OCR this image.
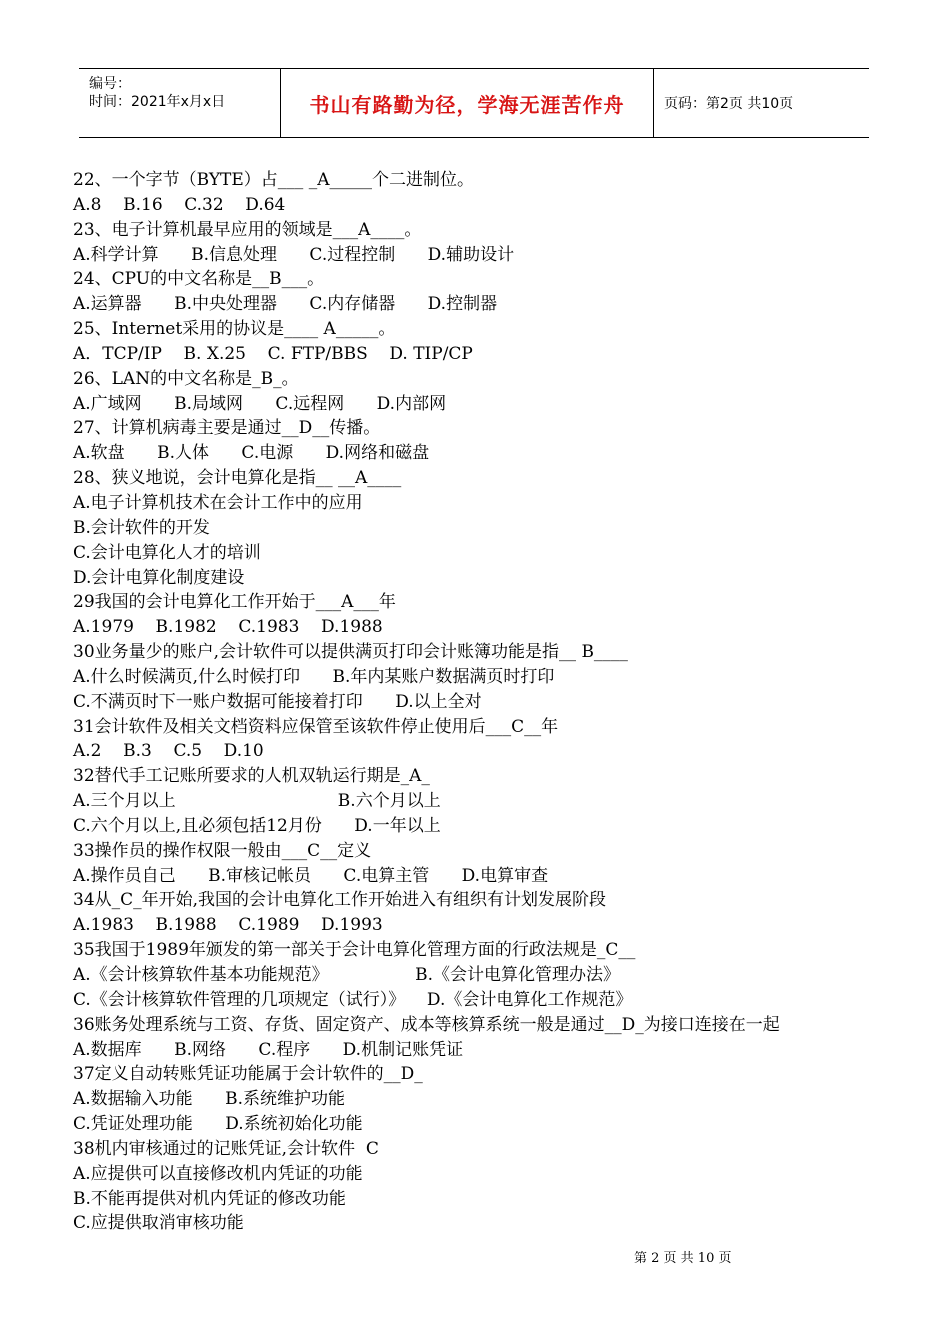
编号：
时间：2021年x月x日	书山有路勤为径，学海无涯苦作舟	页码：第2页 共10页
22、一个字节（BYTE）占___ _A_____个二进制位。
A.8    B.16    C.32    D.64
23、电子计算机最早应用的领域是___A____。
A.科学计算      B.信息处理      C.过程控制      D.辅助设计
24、CPU的中文名称是__B___。
A.运算器      B.中央处理器      C.内存储器      D.控制器
25、Internet采用的协议是____ A_____。
A．TCP/IP    B. X.25    C. FTP/BBS    D. TIP/CP
26、LAN的中文名称是_B_。
A.广域网      B.局域网      C.远程网      D.内部网
27、计算机病毒主要是通过__D__传播。
A.软盘      B.人体      C.电源      D.网络和磁盘
28、狭义地说，会计电算化是指__ __A____
A.电子计算机技术在会计工作中的应用
B.会计软件的开发
C.会计电算化人才的培训
D.会计电算化制度建设
29我国的会计电算化工作开始于___A___年
A.1979    B.1982    C.1983    D.1988
30业务量少的账户,会计软件可以提供满页打印会计账簿功能是指__ B____
A.什么时候满页,什么时候打印      B.年内某账户数据满页时打印
C.不满页时下一账户数据可能接着打印      D.以上全对
31会计软件及相关文档资料应保管至该软件停止使用后___C__年
A.2    B.3    C.5    D.10
32替代手工记账所要求的人机双轨运行期是_A_
A.三个月以上                              B.六个月以上
C.六个月以上,且必须包括12月份      D.一年以上
33操作员的操作权限一般由___C__定义
A.操作员自己      B.审核记帐员      C.电算主管      D.电算审查
34从_C_年开始,我国的会计电算化工作开始进入有组织有计划发展阶段
A.1983    B.1988    C.1989    D.1993
35我国于1989年颁发的第一部关于会计电算化管理方面的行政法规是_C__
A.《会计核算软件基本功能规范》                B.《会计电算化管理办法》
C.《会计核算软件管理的几项规定（试行）》    D.《会计电算化工作规范》
36账务处理系统与工资、存货、固定资产、成本等核算系统一般是通过__D_为接口连接在一起
A.数据库      B.网络      C.程序      D.机制记账凭证
37定义自动转账凭证功能属于会计软件的__D_
A.数据输入功能      B.系统维护功能
C.凭证处理功能      D.系统初始化功能
38机内审核通过的记账凭证,会计软件  C
A.应提供可以直接修改机内凭证的功能
B.不能再提供对机内凭证的修改功能
C.应提供取消审核功能
第 2 页 共 10 页
